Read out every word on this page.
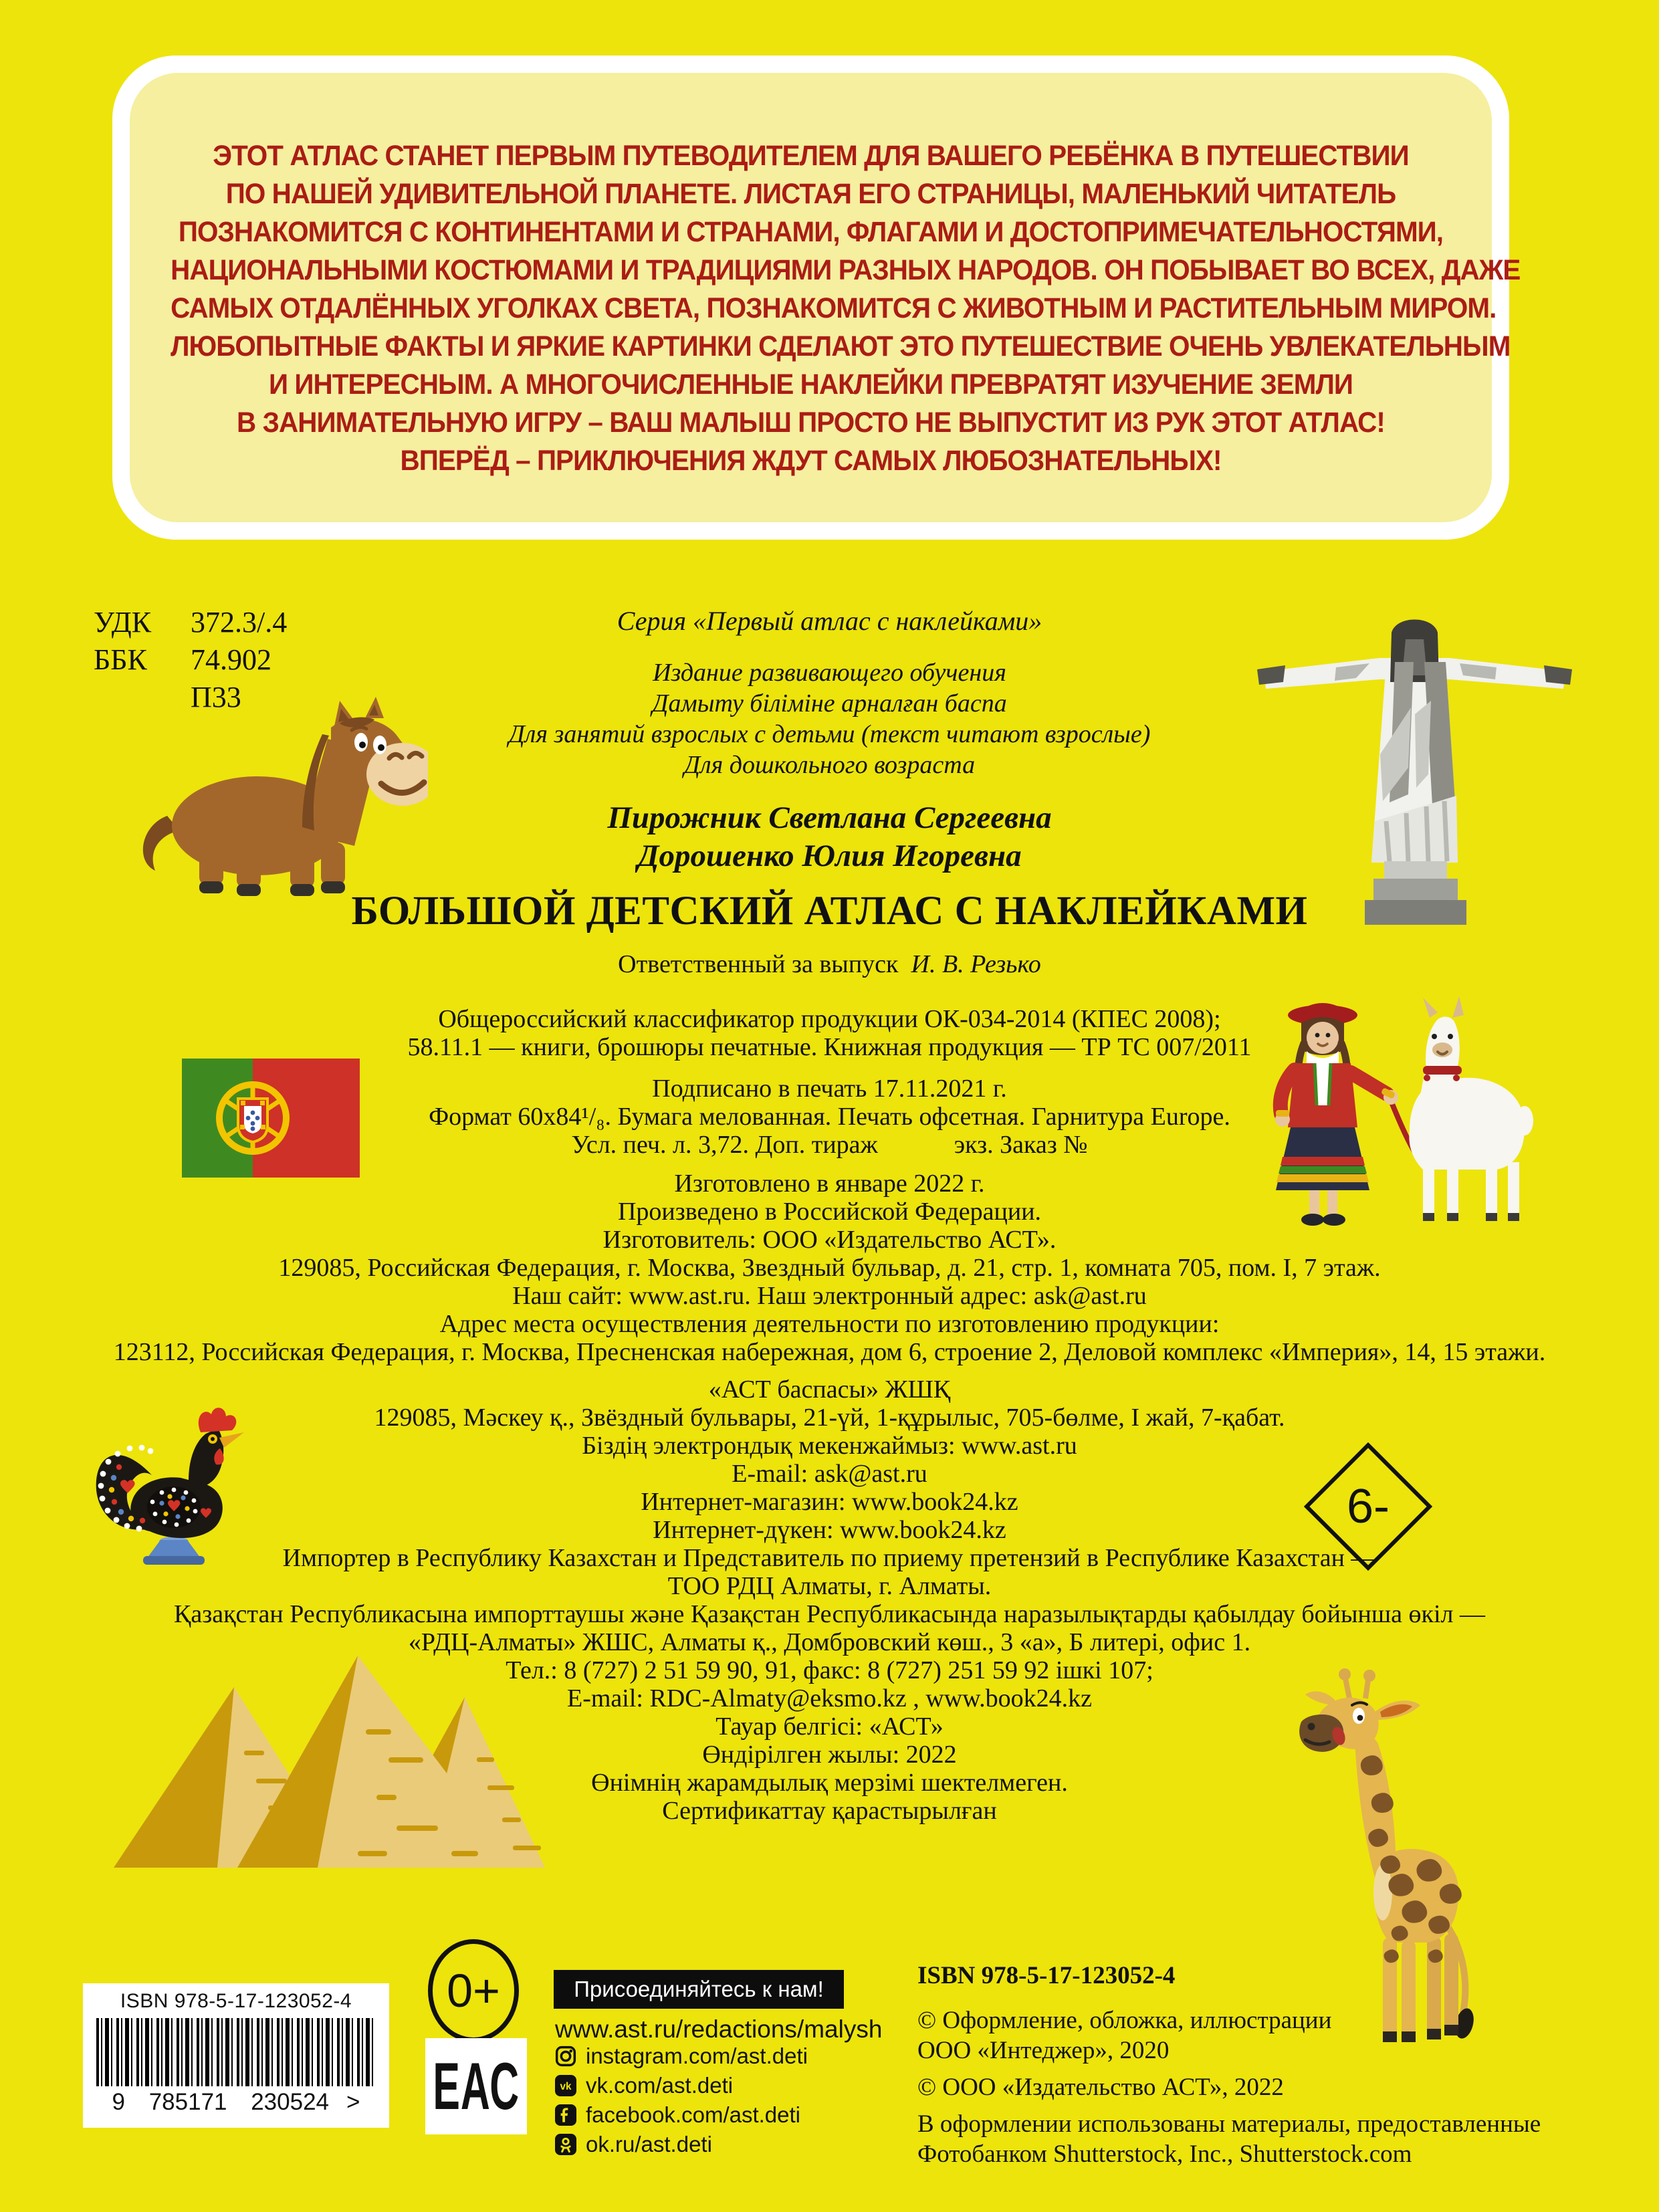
ЭТОТ АТЛАС СТАНЕТ ПЕРВЫМ ПУТЕВОДИТЕЛЕМ ДЛЯ ВАШЕГО РЕБЁНКА В ПУТЕШЕСТВИИ
ПО НАШЕЙ УДИВИТЕЛЬНОЙ ПЛАНЕТЕ. ЛИСТАЯ ЕГО СТРАНИЦЫ, МАЛЕНЬКИЙ ЧИТАТЕЛЬ
ПОЗНАКОМИТСЯ С КОНТИНЕНТАМИ И СТРАНАМИ, ФЛАГАМИ И ДОСТОПРИМЕЧАТЕЛЬНОСТЯМИ,
НАЦИОНАЛЬНЫМИ КОСТЮМАМИ И ТРАДИЦИЯМИ РАЗНЫХ НАРОДОВ. ОН ПОБЫВАЕТ ВО ВСЕХ, ДАЖЕ
САМЫХ ОТДАЛЁННЫХ УГОЛКАХ СВЕТА, ПОЗНАКОМИТСЯ С ЖИВОТНЫМ И РАСТИТЕЛЬНЫМ МИРОМ.
ЛЮБОПЫТНЫЕ ФАКТЫ И ЯРКИЕ КАРТИНКИ СДЕЛАЮТ ЭТО ПУТЕШЕСТВИЕ ОЧЕНЬ УВЛЕКАТЕЛЬНЫМ
И ИНТЕРЕСНЫМ. А МНОГОЧИСЛЕННЫЕ НАКЛЕЙКИ ПРЕВРАТЯТ ИЗУЧЕНИЕ ЗЕМЛИ
В ЗАНИМАТЕЛЬНУЮ ИГРУ – ВАШ МАЛЫШ ПРОСТО НЕ ВЫПУСТИТ ИЗ РУК ЭТОТ АТЛАС!
ВПЕРЁД – ПРИКЛЮЧЕНИЯ ЖДУТ САМЫХ ЛЮБОЗНАТЕЛЬНЫХ!
УДК	372.3/.4
ББК	74.902
П33
Серия «Первый атлас с наклейками»
Издание развивающего обучения
Дамыту біліміне арналған баспа
Для занятий взрослых с детьми (текст читают взрослые)
Для дошкольного возраста
Пирожник Светлана Сергеевна
Дорошенко Юлия Игоревна
БОЛЬШОЙ ДЕТСКИЙ АТЛАС С НАКЛЕЙКАМИ
Ответственный за выпуск И. В. Резько
Общероссийский классификатор продукции ОК-034-2014 (КПЕС 2008);
58.11.1 — книги, брошюры печатные. Книжная продукция — ТР ТС 007/2011
Подписано в печать 17.11.2021 г.
Формат 60x84¹/₈. Бумага мелованная. Печать офсетная. Гарнитура Europe.
Усл. печ. л. 3,72. Доп. тираж            экз. Заказ №
Изготовлено в январе 2022 г.
Произведено в Российской Федерации.
Изготовитель: ООО «Издательство АСТ».
129085, Российская Федерация, г. Москва, Звездный бульвар, д. 21, стр. 1, комната 705, пом. I, 7 этаж.
Наш сайт: www.ast.ru. Наш электронный адрес: ask@ast.ru
Адрес места осуществления деятельности по изготовлению продукции:
123112, Российская Федерация, г. Москва, Пресненская набережная, дом 6, строение 2, Деловой комплекс «Империя», 14, 15 этажи.
«АСТ баспасы» ЖШҚ
129085, Мәскеу қ., Звёздный бульвары, 21-үй, 1-құрылыс, 705-бөлме, I жай, 7-қабат.
Біздің электрондық мекенжаймыз: www.ast.ru
E-mail: ask@ast.ru
Интернет-магазин: www.book24.kz
Интернет-дүкен: www.book24.kz
Импортер в Республику Казахстан и Представитель по приему претензий в Республике Казахстан —
ТОО РДЦ Алматы, г. Алматы.
Қазақстан Республикасына импорттаушы және Қазақстан Республикасында наразылықтарды қабылдау бойынша өкіл —
«РДЦ-Алматы» ЖШС, Алматы қ., Домбровский көш., 3 «а», Б литері, офис 1.
Тел.: 8 (727) 2 51 59 90, 91, факс: 8 (727) 251 59 92 ішкі 107;
E-mail: RDC-Almaty@eksmo.kz , www.book24.kz
Тауар белгісі: «АСТ»
Өндірілген жылы: 2022
Өнімнің жарамдылық мерзімі шектелмеген.
Сертификаттау қарастырылған
6-
ISBN 978-5-17-123052-4
9 785171 230524 >
0+
ЕАС
Присоединяйтесь к нам!
www.ast.ru/redactions/malysh
instagram.com/ast.deti
vk vk.com/ast.deti
facebook.com/ast.deti
ok.ru/ast.deti
ISBN 978-5-17-123052-4

© Оформление, обложка, иллюстрации
ООО «Интеджер», 2020

© ООО «Издательство АСТ», 2022

В оформлении использованы материалы, предоставленные
Фотобанком Shutterstock, Inc., Shutterstock.com
